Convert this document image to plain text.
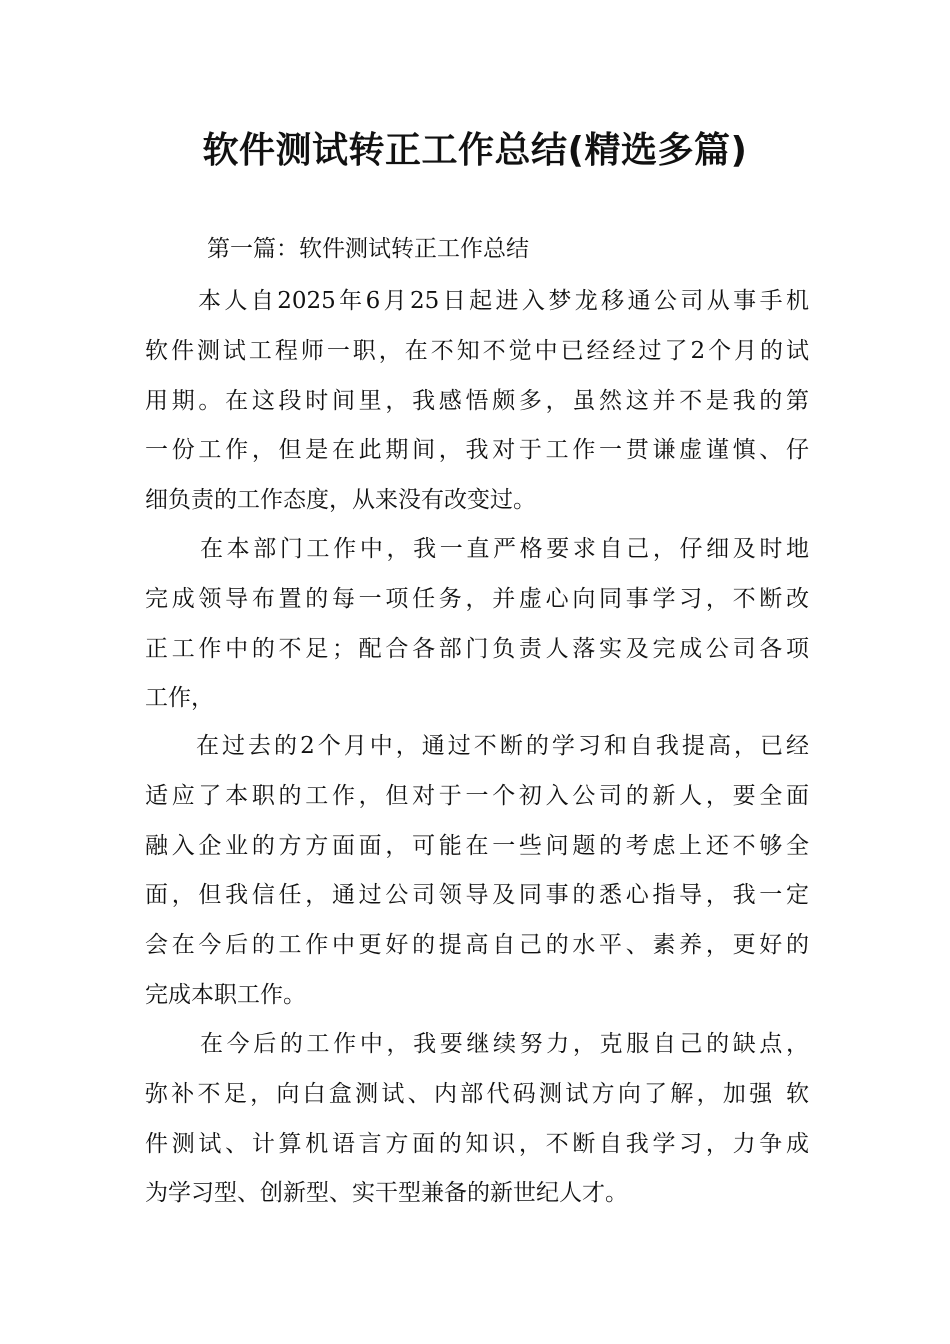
软件测试转正工作总结(精选多篇)
第一篇：软件测试转正工作总结

本人自2025年6月25日起进入梦龙移通公司从事手机
软件测试工程师一职，在不知不觉中已经经过了2个月的试
用期。在这段时间里，我感悟颇多，虽然这并不是我的第
一份工作，但是在此期间，我对于工作一贯谦虚谨慎、仔
细负责的工作态度，从来没有改变过。

在本部门工作中，我一直严格要求自己，仔细及时地
完成领导布置的每一项任务，并虚心向同事学习，不断改
正工作中的不足；配合各部门负责人落实及完成公司各项
工作，

在过去的2个月中，通过不断的学习和自我提高，已经
适应了本职的工作，但对于一个初入公司的新人，要全面
融入企业的方方面面，可能在一些问题的考虑上还不够全
面，但我信任，通过公司领导及同事的悉心指导，我一定
会在今后的工作中更好的提高自己的水平、素养，更好的
完成本职工作。

在今后的工作中，我要继续努力，克服自己的缺点，
弥补不足，向白盒测试、内部代码测试方向了解，加强 软
件测试、计算机语言方面的知识，不断自我学习，力争成
为学习型、创新型、实干型兼备的新世纪人才。
